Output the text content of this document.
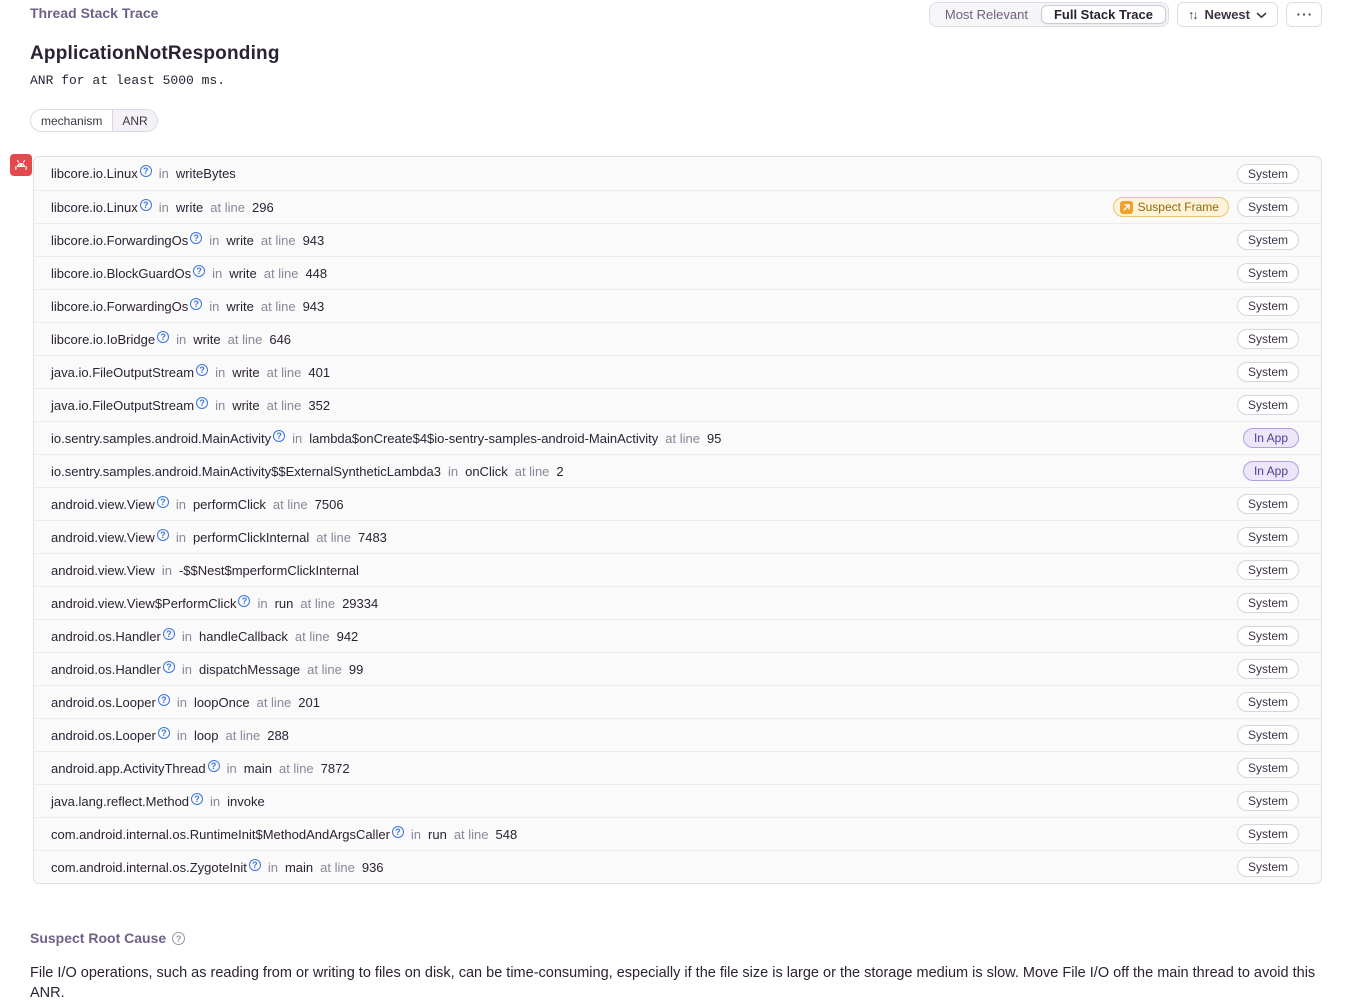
Thread Stack Trace	Most Relevant	Full Stack Trace ↑↓	Newest
⋯
ApplicationNotResponding
ANR for at least 5000 ms.
mechanism	ANR
libcore.io.Linux ?	in writeBytes	System
libcore.io.Linux ?	in write at line 296	Suspect Frame	System
libcore.io.ForwardingOs ?	in write at line 943	System
libcore.io.BlockGuardOs ?	in write at line 448	System
libcore.io.ForwardingOs ?	in write at line 943	System
libcore.io.IoBridge ?	in write at line 646	System
java.io.FileOutputStream ?	in write at line 401	System
java.io.FileOutputStream ?	in write at line 352	System
io.sentry.samples.android.MainActivity ?	in lambda$onCreate$4$io-sentry-samples-android-MainActivity at line 95	In App
io.sentry.samples.android.MainActivity$$ExternalSyntheticLambda3 in onClick at line 2	In App
android.view.View ?	in performClick at line 7506	System
android.view.View ?	in performClickInternal at line 7483	System
android.view.View in -$$Nest$mperformClickInternal	System
android.view.View$PerformClick ?	in run at line 29334	System
android.os.Handler ?	in handleCallback at line 942	System
android.os.Handler ?	in dispatchMessage at line 99	System
android.os.Looper ?	in loopOnce at line 201	System
android.os.Looper ?	in loop at line 288	System
android.app.ActivityThread ?	in main at line 7872	System
java.lang.reflect.Method ?	in invoke	System
com.android.internal.os.RuntimeInit$MethodAndArgsCaller ?	in run at line 548	System
com.android.internal.os.ZygoteInit ?	in main at line 936	System
Suspect Root Cause
?
File I/O operations, such as reading from or writing to files on disk, can be time-consuming, especially if the file size is large or the storage medium is slow. Move File I/O off the main thread to avoid this ANR.
